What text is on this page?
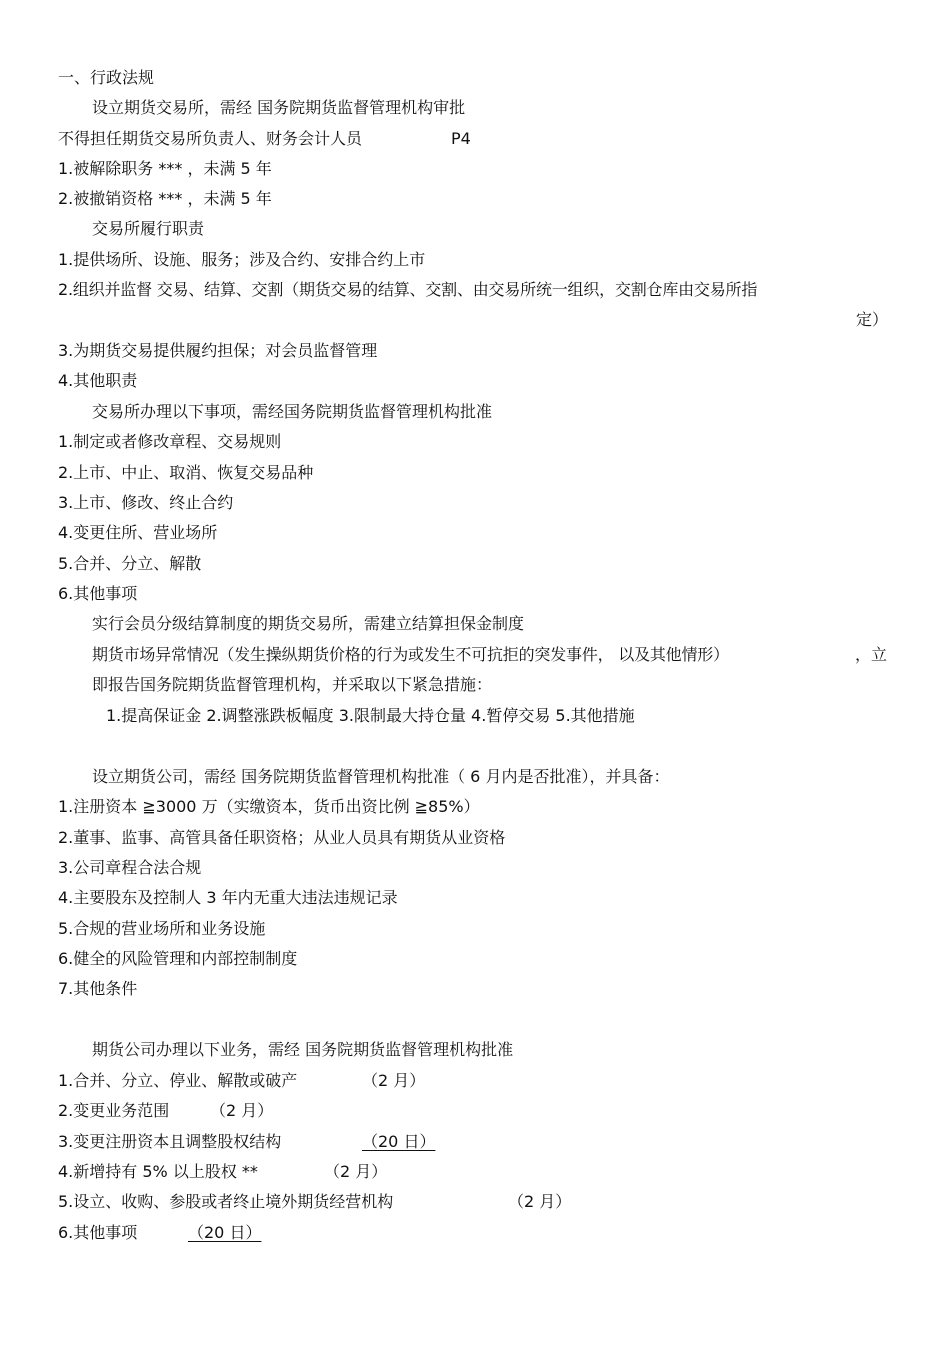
一、行政法规
设立期货交易所，需经 国务院期货监督管理机构审批
不得担任期货交易所负责人、财务会计人员	P4
1.被解除职务 *** ，未满 5 年
2.被撤销资格 *** ，未满 5 年
交易所履行职责
1.提供场所、设施、服务；涉及合约、安排合约上市
2.组织并监督 交易、结算、交割（期货交易的结算、交割、由交易所统一组织，交割仓库由交易所指
定）
3.为期货交易提供履约担保；对会员监督管理
4.其他职责
交易所办理以下事项，需经国务院期货监督管理机构批准
1.制定或者修改章程、交易规则
2.上市、中止、取消、恢复交易品种
3.上市、修改、终止合约
4.变更住所、营业场所
5.合并、分立、解散
6.其他事项
实行会员分级结算制度的期货交易所，需建立结算担保金制度
期货市场异常情况（发生操纵期货价格的行为或发生不可抗拒的突发事件， 以及其他情形）	，立
即报告国务院期货监督管理机构，并采取以下紧急措施：
1.提高保证金 2.调整涨跌板幅度 3.限制最大持仓量 4.暂停交易 5.其他措施
设立期货公司，需经 国务院期货监督管理机构批准（ 6 月内是否批准），并具备：
1.注册资本 ≧3000 万（实缴资本，货币出资比例 ≧85%）
2.董事、监事、高管具备任职资格；从业人员具有期货从业资格
3.公司章程合法合规
4.主要股东及控制人 3 年内无重大违法违规记录
5.合规的营业场所和业务设施
6.健全的风险管理和内部控制制度
7.其他条件
期货公司办理以下业务，需经 国务院期货监督管理机构批准
1.合并、分立、停业、解散或破产	（2 月）
2.变更业务范围	（2 月）
3.变更注册资本且调整股权结构	（20 日）
4.新增持有 5% 以上股权 **	（2 月）
5.设立、收购、参股或者终止境外期货经营机构	（2 月）
6.其他事项	（20 日）
